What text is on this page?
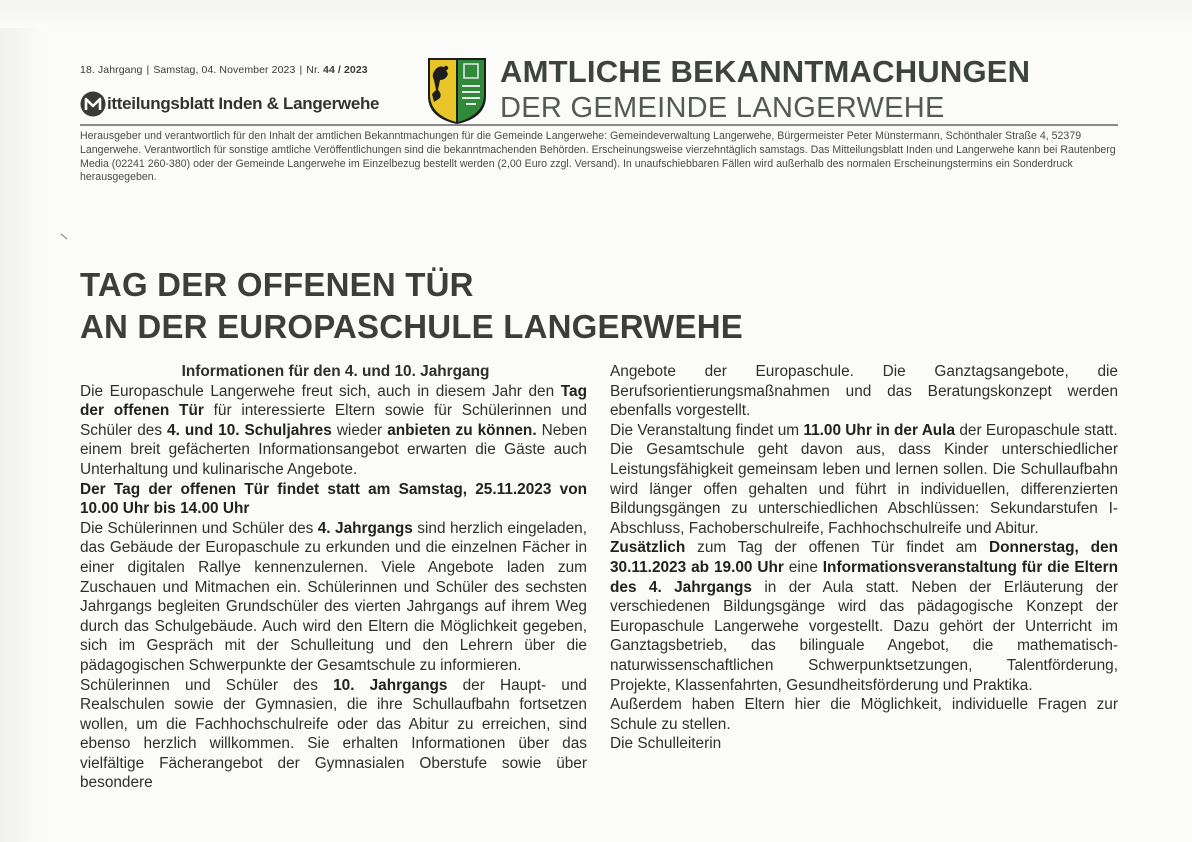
18. Jahrgang | Samstag, 04. November 2023 | Nr. 44 / 2023
itteilungsblatt Inden & Langerwehe
AMTLICHE BEKANNTMACHUNGEN
DER GEMEINDE LANGERWEHE
Herausgeber und verantwortlich für den Inhalt der amtlichen Bekanntmachungen für die Gemeinde Langerwehe: Gemeindeverwaltung Langerwehe, Bürgermeister Peter Münstermann, Schönthaler Straße 4, 52379 Langerwehe. Verantwortlich für sonstige amtliche Veröffentlichungen sind die bekanntmachenden Behörden. Erscheinungsweise vierzehntäglich samstags. Das Mitteilungsblatt Inden und Langerwehe kann bei Rautenberg Media (02241 260-380) oder der Gemeinde Langerwehe im Einzelbezug bestellt werden (2,00 Euro zzgl. Versand). In unaufschiebbaren Fällen wird außerhalb des normalen Erscheinungstermins ein Sonderdruck herausgegeben.
TAG DER OFFENEN TÜR
AN DER EUROPASCHULE LANGERWEHE

Informationen für den 4. und 10. Jahrgang

Die Europaschule Langerwehe freut sich, auch in diesem Jahr den Tag der offenen Tür für interessierte Eltern sowie für Schülerinnen und Schüler des 4. und 10. Schuljahres wieder anbieten zu können. Neben einem breit gefächerten Informationsangebot erwarten die Gäste auch Unterhaltung und kulinarische Angebote.

Der Tag der offenen Tür findet statt am Samstag, 25.11.2023 von 10.00 Uhr bis 14.00 Uhr

Die Schülerinnen und Schüler des 4. Jahrgangs sind herzlich eingeladen, das Gebäude der Europaschule zu erkunden und die einzelnen Fächer in einer digitalen Rallye kennenzulernen. Viele Angebote laden zum Zuschauen und Mitmachen ein. Schülerinnen und Schüler des sechsten Jahrgangs begleiten Grundschüler des vierten Jahrgangs auf ihrem Weg durch das Schulgebäude. Auch wird den Eltern die Möglichkeit gegeben, sich im Gespräch mit der Schulleitung und den Lehrern über die pädagogischen Schwerpunkte der Gesamtschule zu informieren.

Schülerinnen und Schüler des 10. Jahrgangs der Haupt- und Realschulen sowie der Gymnasien, die ihre Schullaufbahn fortsetzen wollen, um die Fachhochschulreife oder das Abitur zu erreichen, sind ebenso herzlich willkommen. Sie erhalten Informationen über das vielfältige Fächerangebot der Gymnasialen Oberstufe sowie über besondere

Angebote der Europaschule. Die Ganztagsangebote, die Berufsorientierungsmaßnahmen und das Beratungskonzept werden ebenfalls vorgestellt.

Die Veranstaltung findet um 11.00 Uhr in der Aula der Europaschule statt.

Die Gesamtschule geht davon aus, dass Kinder unterschiedlicher Leistungsfähigkeit gemeinsam leben und lernen sollen. Die Schullaufbahn wird länger offen gehalten und führt in individuellen, differenzierten Bildungsgängen zu unterschiedlichen Abschlüssen: Sekundarstufen I-Abschluss, Fachoberschulreife, Fachhochschulreife und Abitur.

Zusätzlich zum Tag der offenen Tür findet am Donnerstag, den 30.11.2023 ab 19.00 Uhr eine Informationsveranstaltung für die Eltern des 4. Jahrgangs in der Aula statt. Neben der Erläuterung der verschiedenen Bildungsgänge wird das pädagogische Konzept der Europaschule Langerwehe vorgestellt. Dazu gehört der Unterricht im Ganztagsbetrieb, das bilinguale Angebot, die mathematisch-naturwissenschaftlichen Schwerpunktsetzungen, Talentförderung, Projekte, Klassenfahrten, Gesundheitsförderung und Praktika.

Außerdem haben Eltern hier die Möglichkeit, individuelle Fragen zur Schule zu stellen.

Die Schulleiterin
